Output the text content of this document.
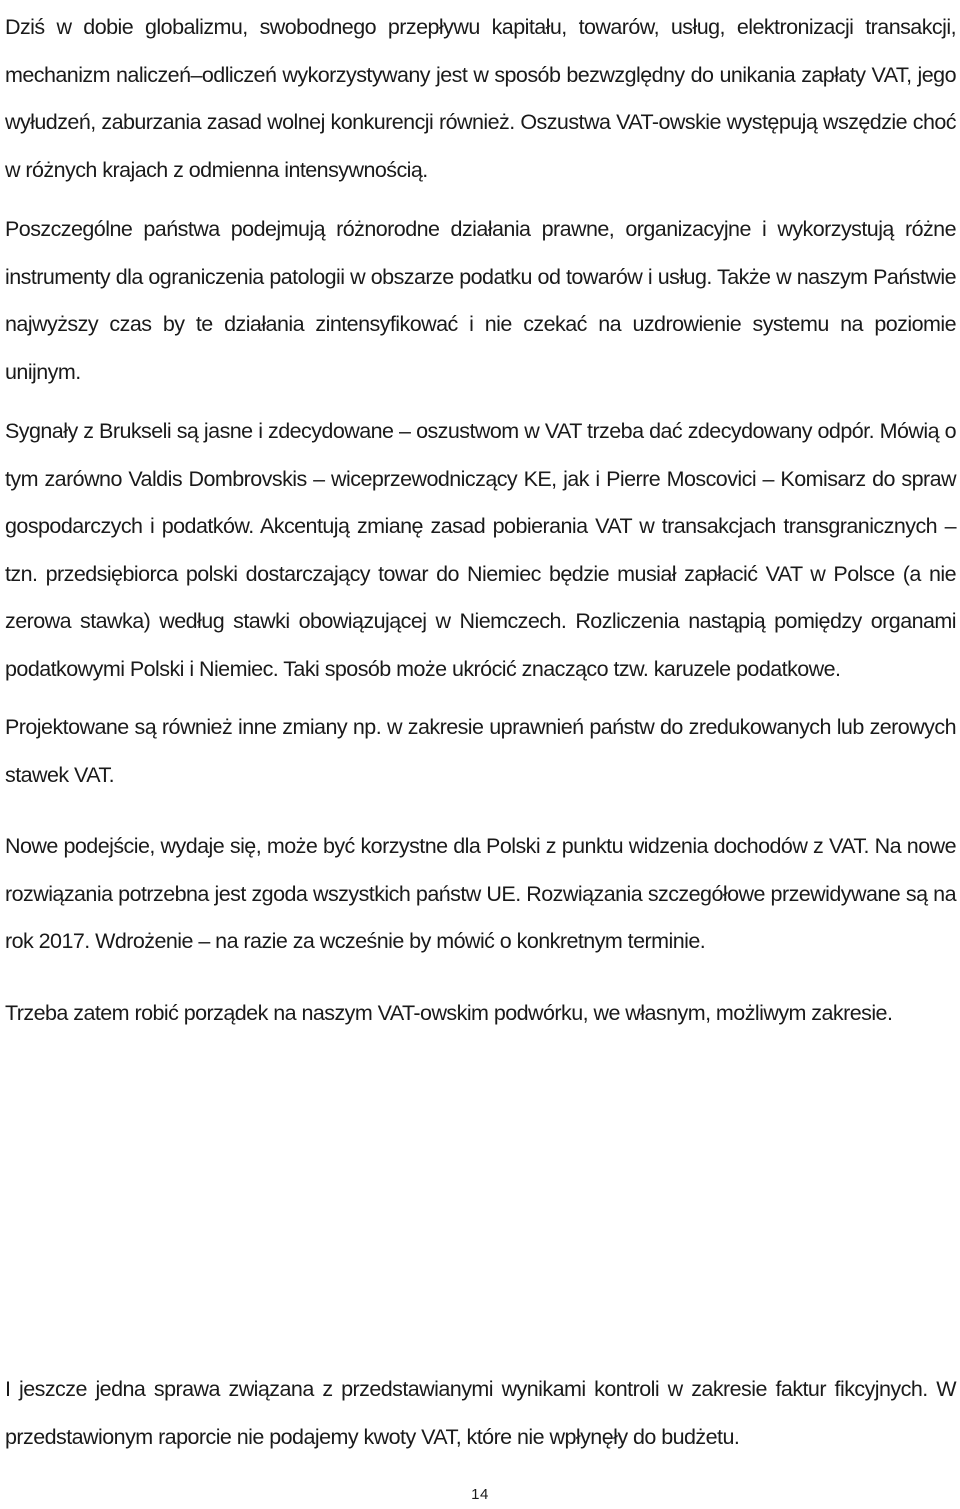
Dziś w dobie globalizmu, swobodnego przepływu kapitału, towarów, usług, elektronizacji transakcji, mechanizm naliczeń–odliczeń wykorzystywany jest w sposób bezwzględny do unikania zapłaty VAT, jego wyłudzeń, zaburzania zasad wolnej konkurencji również. Oszustwa VAT-owskie występują wszędzie choć w różnych krajach z odmienna intensywnością.

Poszczególne państwa podejmują różnorodne działania prawne, organizacyjne i wykorzystują różne instrumenty dla ograniczenia patologii w obszarze podatku od towarów i usług. Także w naszym Państwie najwyższy czas by te działania zintensyfikować i nie czekać na uzdrowienie systemu na poziomie unijnym.

Sygnały z Brukseli są jasne i zdecydowane – oszustwom w VAT trzeba dać zdecydowany odpór. Mówią o tym zarówno Valdis Dombrovskis – wiceprzewodniczący KE, jak i Pierre Moscovici – Komisarz do spraw gospodarczych i podatków. Akcentują zmianę zasad pobierania VAT w transakcjach transgranicznych – tzn. przedsiębiorca polski dostarczający towar do Niemiec będzie musiał zapłacić VAT w Polsce (a nie zerowa stawka) według stawki obowiązującej w Niemczech. Rozliczenia nastąpią pomiędzy organami podatkowymi Polski i Niemiec. Taki sposób może ukrócić znacząco tzw. karuzele podatkowe.

Projektowane są również inne zmiany np. w zakresie uprawnień państw do zredukowanych lub zerowych stawek VAT.

Nowe podejście, wydaje się, może być korzystne dla Polski z punktu widzenia dochodów z VAT. Na nowe rozwiązania potrzebna jest zgoda wszystkich państw UE. Rozwiązania szczegółowe przewidywane są na rok 2017. Wdrożenie – na razie za wcześnie by mówić o konkretnym terminie.

Trzeba zatem robić porządek na naszym VAT-owskim podwórku, we własnym, możliwym zakresie.

I jeszcze jedna sprawa związana z przedstawianymi wynikami kontroli w zakresie faktur fikcyjnych. W przedstawionym raporcie nie podajemy kwoty VAT, które nie wpłynęły do budżetu.

14
